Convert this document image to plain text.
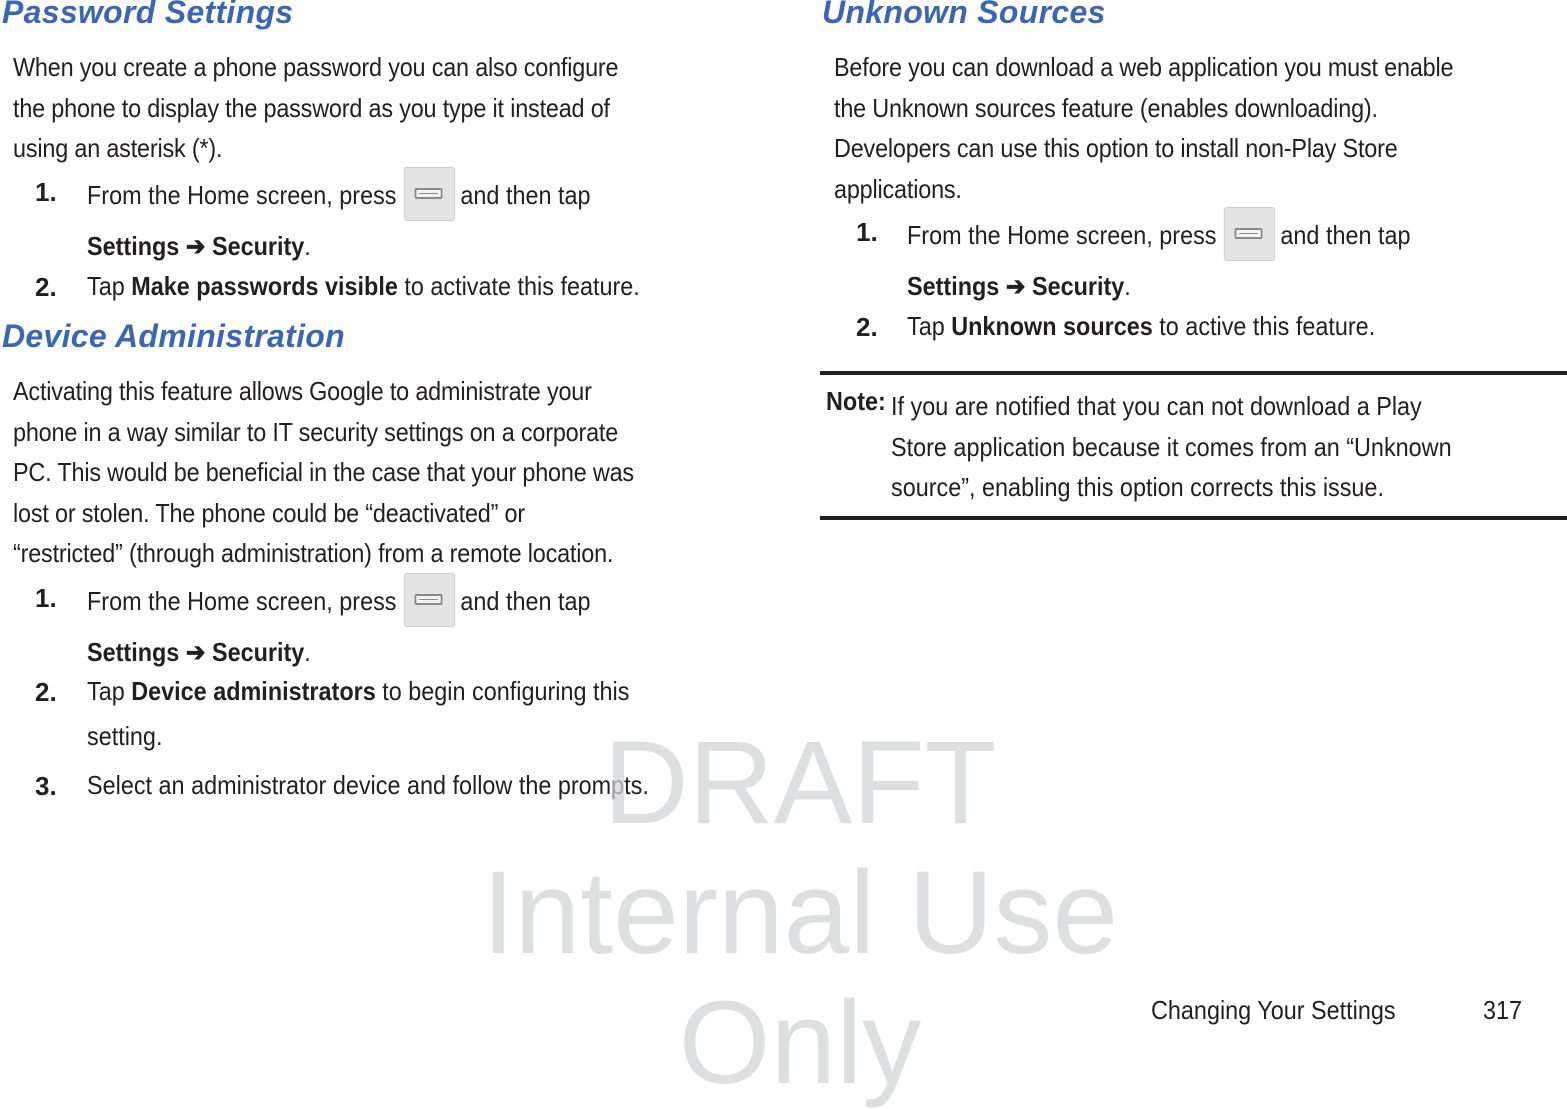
Password Settings

When you create a phone password you can also configure
the phone to display the password as you type it instead of
using an asterisk (*).

1. From the Home screen, press and then tap
Settings ➔ Security.

2. Tap Make passwords visible to activate this feature.

Device Administration

Activating this feature allows Google to administrate your
phone in a way similar to IT security settings on a corporate
PC. This would be beneficial in the case that your phone was
lost or stolen. The phone could be “deactivated” or
“restricted” (through administration) from a remote location.

1. From the Home screen, press and then tap
Settings ➔ Security.

2. Tap Device administrators to begin configuring this
setting.

3. Select an administrator device and follow the prompts.

Unknown Sources

Before you can download a web application you must enable
the Unknown sources feature (enables downloading).
Developers can use this option to install non-Play Store
applications.

1. From the Home screen, press and then tap
Settings ➔ Security.

2. Tap Unknown sources to active this feature.

Note: If you are notified that you can not download a Play
Store application because it comes from an “Unknown
source”, enabling this option corrects this issue.

DRAFT
Internal Use Only	Changing Your Settings	317
